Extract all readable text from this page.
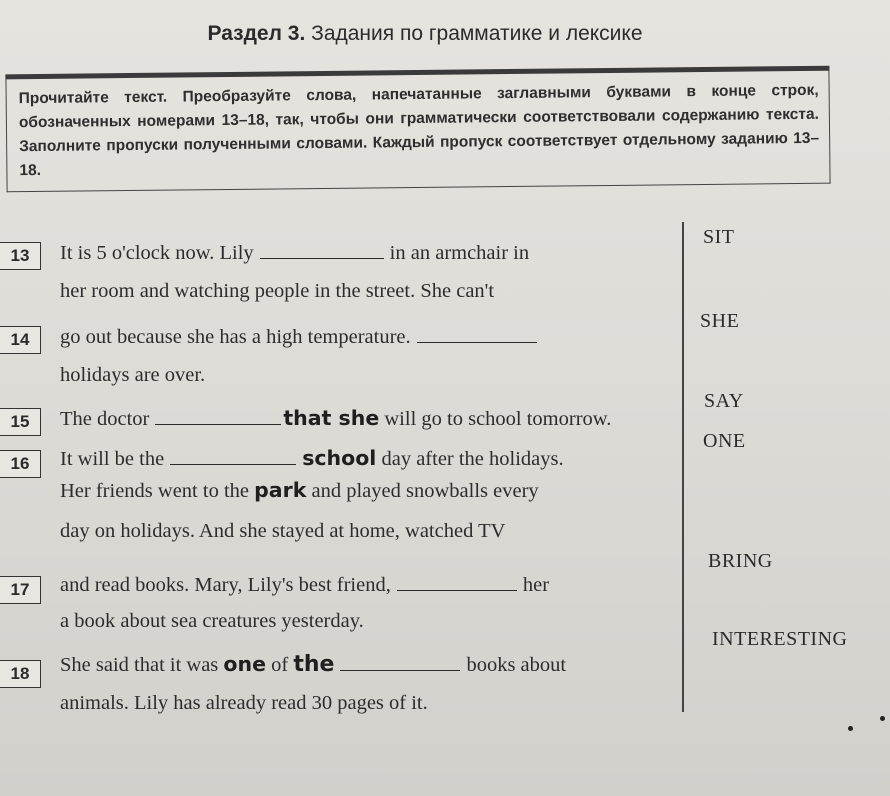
Раздел 3. Задания по грамматике и лексике
Прочитайте текст. Преобразуйте слова, напечатанные заглавными буквами в конце строк, обозначенных номерами 13–18, так, чтобы они грамматически соответствовали содержанию текста. Заполните пропуски полученными словами. Каждый пропуск соответствует отдельному заданию 13–18.
13	It is 5 o'clock now. Lily	in an armchair in
SIT
her room and watching people in the street. She can't
14	go out because she has a high temperature.
SHE
holidays are over.
15	The doctor	that she will go to school tomorrow.
SAY
16	It will be the	school day after the holidays.
ONE
Her friends went to the park and played snowballs every
day on holidays. And she stayed at home, watched TV
17	and read books. Mary, Lily's best friend,	her
BRING
a book about sea creatures yesterday.
18	She said that it was one of the	books about
INTERESTING
animals. Lily has already read 30 pages of it.
